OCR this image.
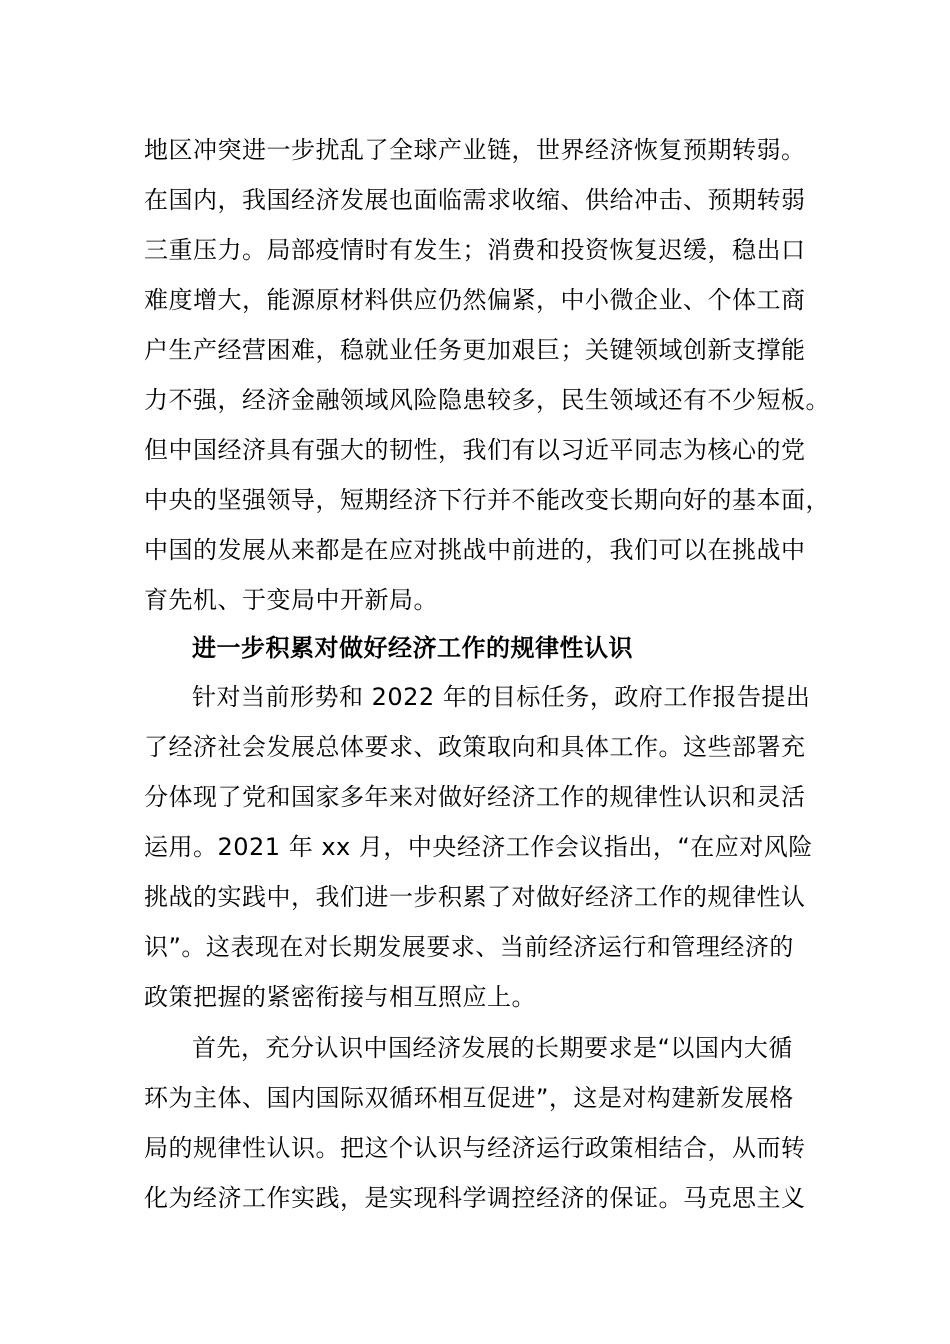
地区冲突进一步扰乱了全球产业链，世界经济恢复预期转弱。
在国内，我国经济发展也面临需求收缩、供给冲击、预期转弱
三重压力。局部疫情时有发生；消费和投资恢复迟缓，稳出口
难度增大，能源原材料供应仍然偏紧，中小微企业、个体工商
户生产经营困难，稳就业任务更加艰巨；关键领域创新支撑能
力不强，经济金融领域风险隐患较多，民生领域还有不少短板。
但中国经济具有强大的韧性，我们有以习近平同志为核心的党
中央的坚强领导，短期经济下行并不能改变长期向好的基本面，
中国的发展从来都是在应对挑战中前进的，我们可以在挑战中
育先机、于变局中开新局。
进一步积累对做好经济工作的规律性认识
针对当前形势和 2022 年的目标任务，政府工作报告提出
了经济社会发展总体要求、政策取向和具体工作。这些部署充
分体现了党和国家多年来对做好经济工作的规律性认识和灵活
运用。2021 年 xx 月，中央经济工作会议指出，“在应对风险
挑战的实践中，我们进一步积累了对做好经济工作的规律性认
识”。这表现在对长期发展要求、当前经济运行和管理经济的
政策把握的紧密衔接与相互照应上。
首先，充分认识中国经济发展的长期要求是“以国内大循
环为主体、国内国际双循环相互促进”，这是对构建新发展格
局的规律性认识。把这个认识与经济运行政策相结合，从而转
化为经济工作实践，是实现科学调控经济的保证。马克思主义
